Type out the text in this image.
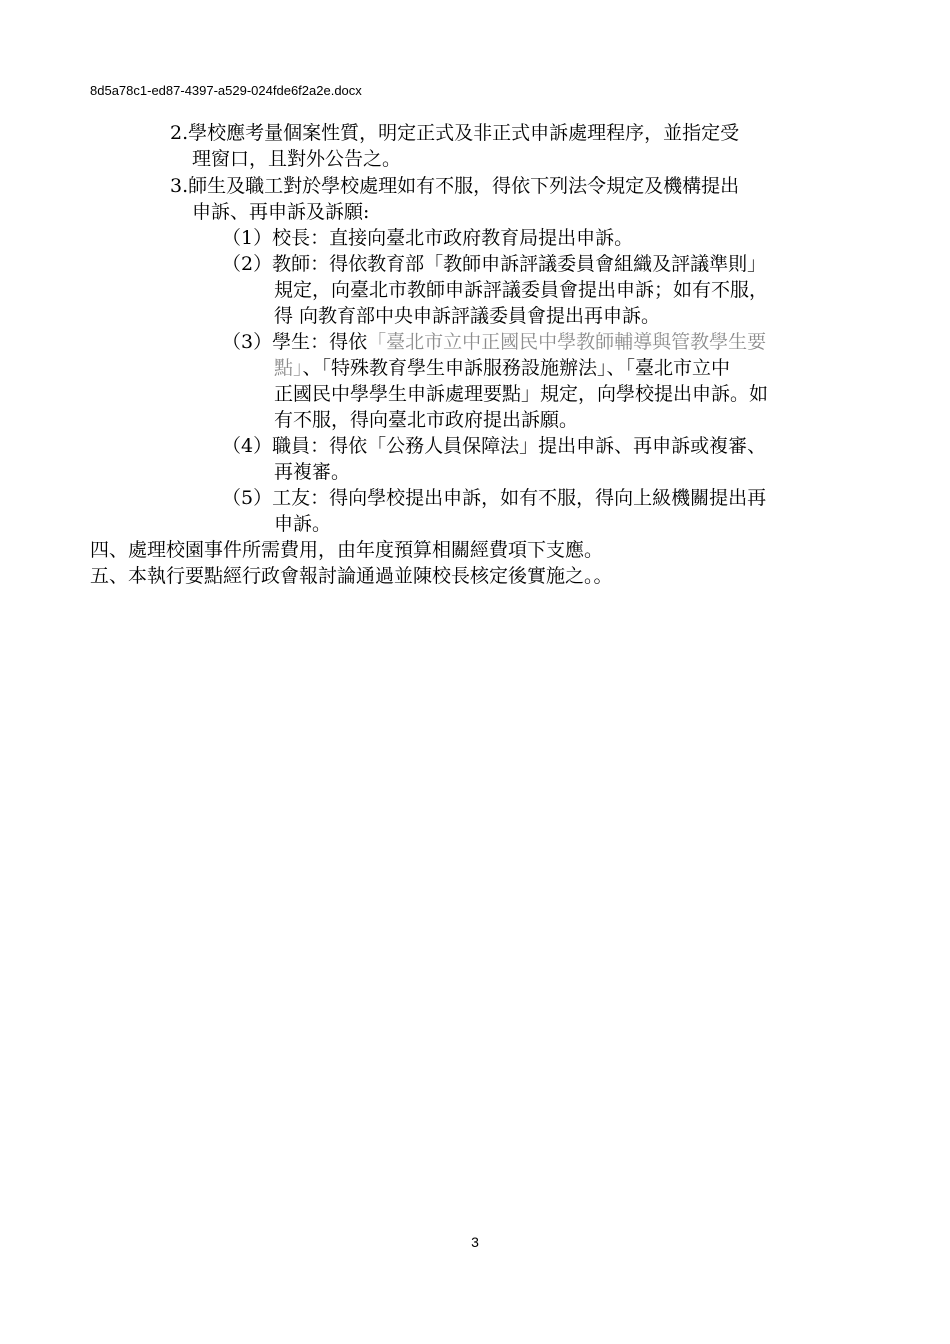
8d5a78c1-ed87-4397-a529-024fde6f2a2e.docx
2.學校應考量個案性質，明定正式及非正式申訴處理程序，並指定受
理窗口，且對外公告之。
3.師生及職工對於學校處理如有不服，得依下列法令規定及機構提出
申訴、再申訴及訴願:
（1）校長：直接向臺北市政府教育局提出申訴。
（2）教師：得依教育部「教師申訴評議委員會組織及評議準則」
規定，向臺北市教師申訴評議委員會提出申訴；如有不服，
得 向教育部中央申訴評議委員會提出再申訴。
（3）學生：得依「臺北市立中正國民中學教師輔導與管教學生要
點」、「特殊教育學生申訴服務設施辦法」、「臺北市立中
正國民中學學生申訴處理要點」規定，向學校提出申訴。如
有不服，得向臺北市政府提出訴願。
（4）職員：得依「公務人員保障法」提出申訴、再申訴或複審、
再複審。
（5）工友：得向學校提出申訴，如有不服，得向上級機關提出再
申訴。
四、處理校園事件所需費用，由年度預算相關經費項下支應。
五、本執行要點經行政會報討論通過並陳校長核定後實施之。。
3
